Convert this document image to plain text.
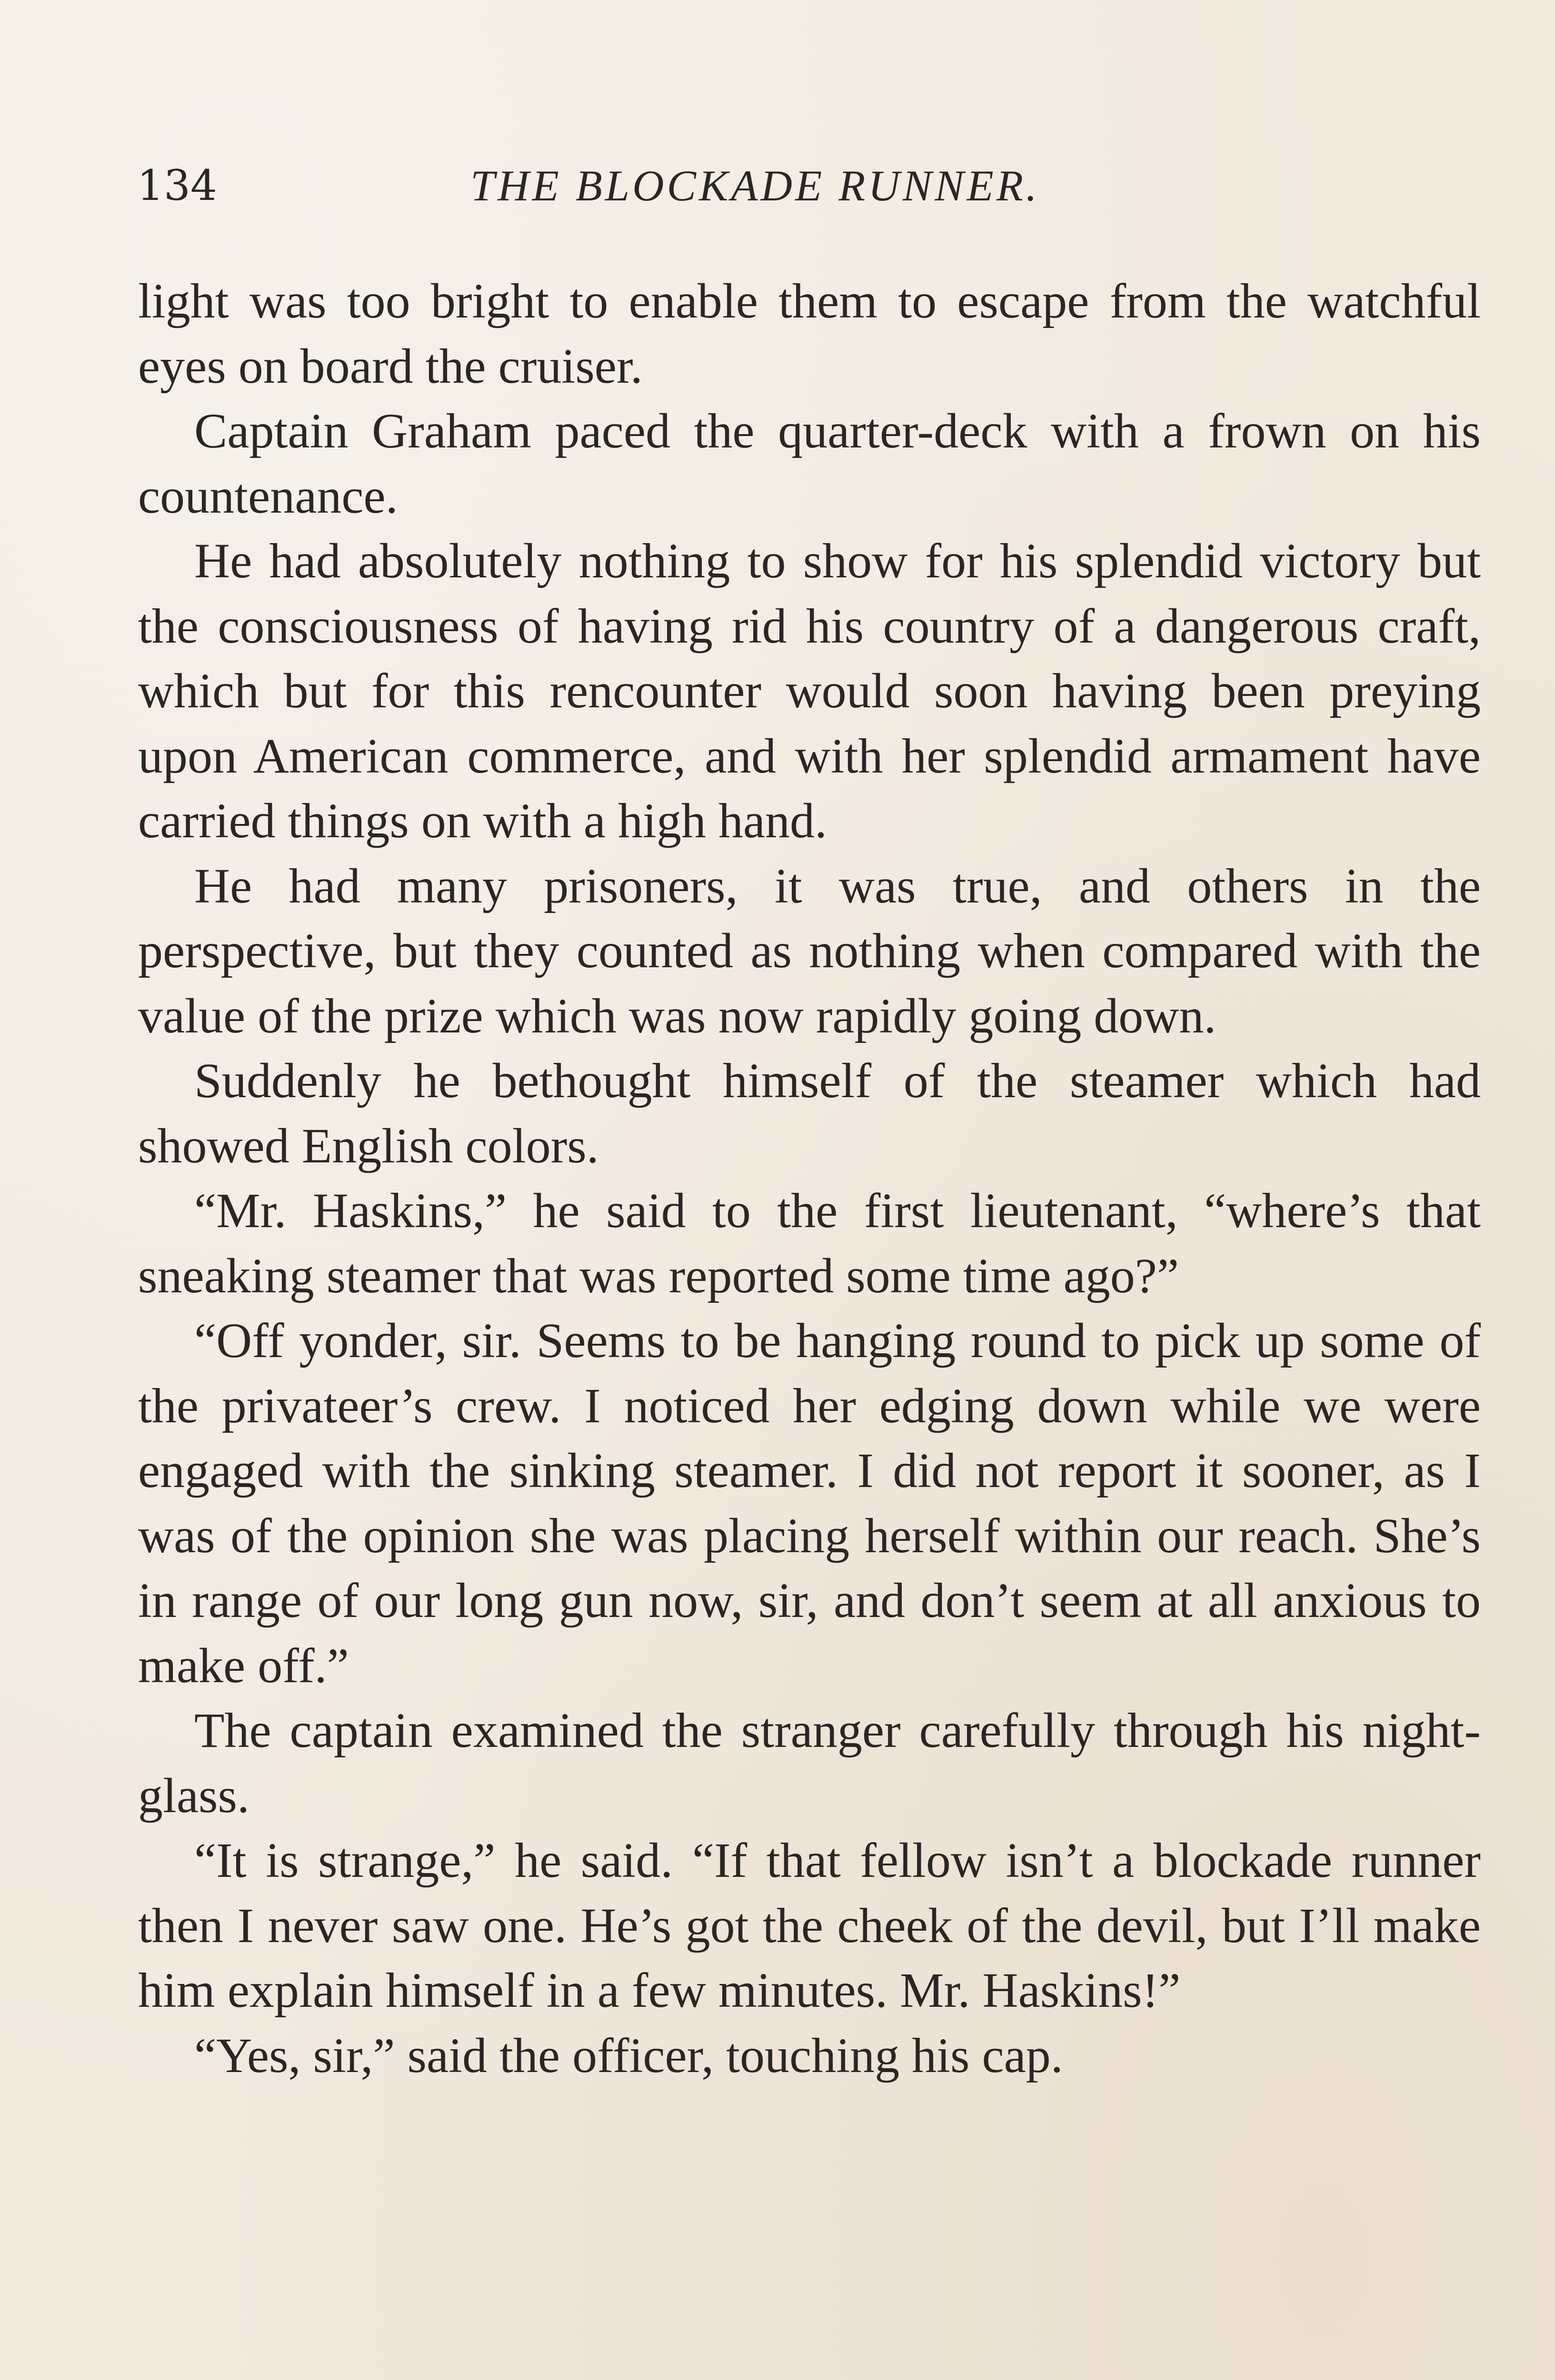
134	THE BLOCKADE RUNNER.

light was too bright to enable them to escape from the watchful eyes on board the cruiser.

Captain Graham paced the quarter-deck with a frown on his countenance.

He had absolutely nothing to show for his splendid victory but the consciousness of having rid his country of a dangerous craft, which but for this rencounter would soon having been preying upon American commerce, and with her splendid armament have carried things on with a high hand.

He had many prisoners, it was true, and others in the perspective, but they counted as nothing when compared with the value of the prize which was now rapidly going down.

Suddenly he bethought himself of the steamer which had showed English colors.

“Mr. Haskins,” he said to the first lieutenant, “where’s that sneaking steamer that was reported some time ago?”

“Off yonder, sir. Seems to be hanging round to pick up some of the privateer’s crew. I noticed her edging down while we were engaged with the sinking steamer. I did not report it sooner, as I was of the opinion she was placing herself within our reach. She’s in range of our long gun now, sir, and don’t seem at all anxious to make off.”

The captain examined the stranger carefully through his night-glass.

“It is strange,” he said. “If that fellow isn’t a blockade runner then I never saw one. He’s got the cheek of the devil, but I’ll make him explain himself in a few minutes. Mr. Haskins!”

“Yes, sir,” said the officer, touching his cap.
